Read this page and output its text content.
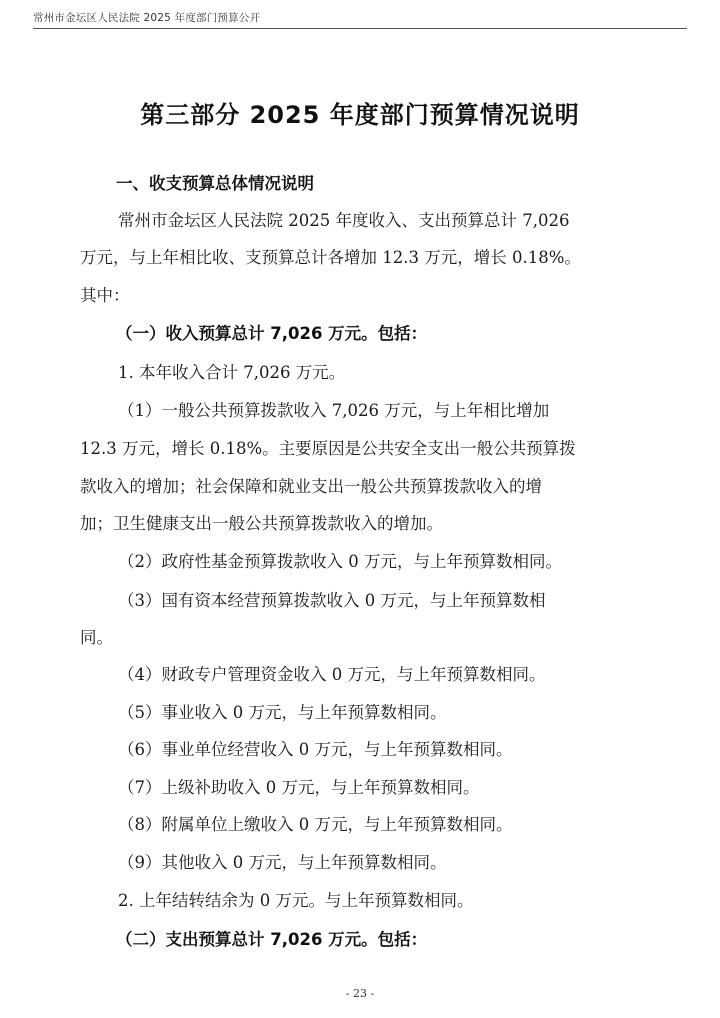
常州市金坛区人民法院 2025 年度部门预算公开
第三部分 2025 年度部门预算情况说明
一、收支预算总体情况说明
常州市金坛区人民法院 2025 年度收入、支出预算总计 7,026
万元，与上年相比收、支预算总计各增加 12.3 万元，增长 0.18%。
其中：
（一）收入预算总计 7,026 万元。包括：
1. 本年收入合计 7,026 万元。
（1）一般公共预算拨款收入 7,026 万元，与上年相比增加
12.3 万元，增长 0.18%。主要原因是公共安全支出一般公共预算拨
款收入的增加；社会保障和就业支出一般公共预算拨款收入的增
加；卫生健康支出一般公共预算拨款收入的增加。
（2）政府性基金预算拨款收入 0 万元，与上年预算数相同。
（3）国有资本经营预算拨款收入 0 万元，与上年预算数相
同。
（4）财政专户管理资金收入 0 万元，与上年预算数相同。
（5）事业收入 0 万元，与上年预算数相同。
（6）事业单位经营收入 0 万元，与上年预算数相同。
（7）上级补助收入 0 万元，与上年预算数相同。
（8）附属单位上缴收入 0 万元，与上年预算数相同。
（9）其他收入 0 万元，与上年预算数相同。
2. 上年结转结余为 0 万元。与上年预算数相同。
（二）支出预算总计 7,026 万元。包括：
- 23 -
